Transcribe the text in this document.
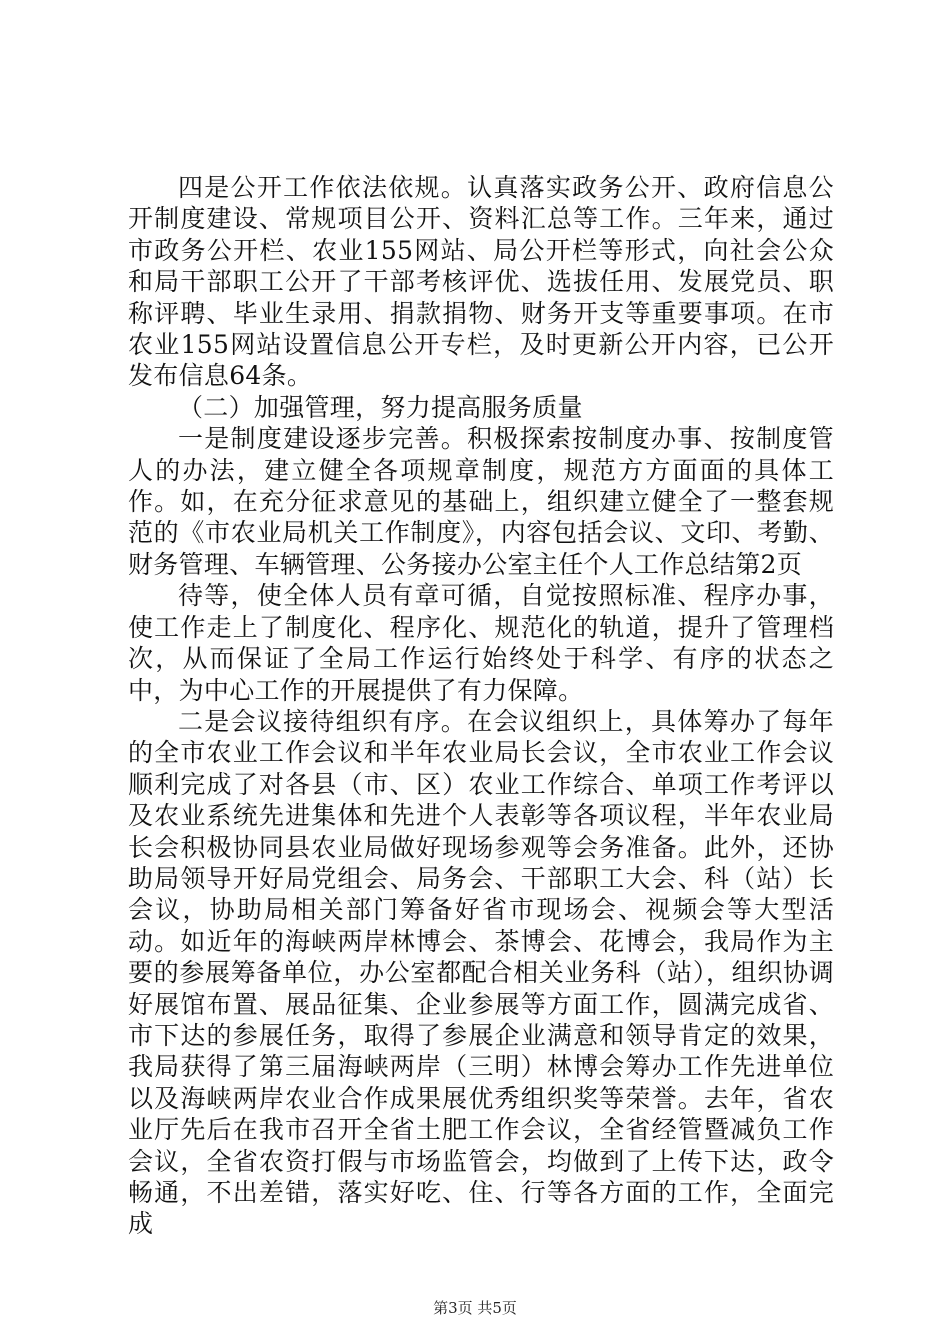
四是公开工作依法依规。认真落实政务公开、政府信息公开制度建设、常规项目公开、资料汇总等工作。三年来，通过市政务公开栏、农业155网站、局公开栏等形式，向社会公众和局干部职工公开了干部考核评优、选拔任用、发展党员、职称评聘、毕业生录用、捐款捐物、财务开支等重要事项。在市农业155网站设置信息公开专栏，及时更新公开内容，已公开发布信息64条。

（二）加强管理，努力提高服务质量

一是制度建设逐步完善。积极探索按制度办事、按制度管人的办法，建立健全各项规章制度，规范方方面面的具体工作。如，在充分征求意见的基础上，组织建立健全了一整套规范的《市农业局机关工作制度》，内容包括会议、文印、考勤、财务管理、车辆管理、公务接办公室主任个人工作总结第2页

待等，使全体人员有章可循，自觉按照标准、程序办事，使工作走上了制度化、程序化、规范化的轨道，提升了管理档次，从而保证了全局工作运行始终处于科学、有序的状态之中，为中心工作的开展提供了有力保障。

二是会议接待组织有序。在会议组织上，具体筹办了每年的全市农业工作会议和半年农业局长会议，全市农业工作会议顺利完成了对各县（市、区）农业工作综合、单项工作考评以及农业系统先进集体和先进个人表彰等各项议程，半年农业局长会积极协同县农业局做好现场参观等会务准备。此外，还协助局领导开好局党组会、局务会、干部职工大会、科（站）长会议，协助局相关部门筹备好省市现场会、视频会等大型活动。如近年的海峡两岸林博会、茶博会、花博会，我局作为主要的参展筹备单位，办公室都配合相关业务科（站），组织协调好展馆布置、展品征集、企业参展等方面工作，圆满完成省、市下达的参展任务，取得了参展企业满意和领导肯定的效果，我局获得了第三届海峡两岸（三明）林博会筹办工作先进单位以及海峡两岸农业合作成果展优秀组织奖等荣誉。去年，省农业厅先后在我市召开全省土肥工作会议，全省经管暨减负工作会议，全省农资打假与市场监管会，均做到了上传下达，政令畅通，不出差错，落实好吃、住、行等各方面的工作，全面完成

第3页 共5页
